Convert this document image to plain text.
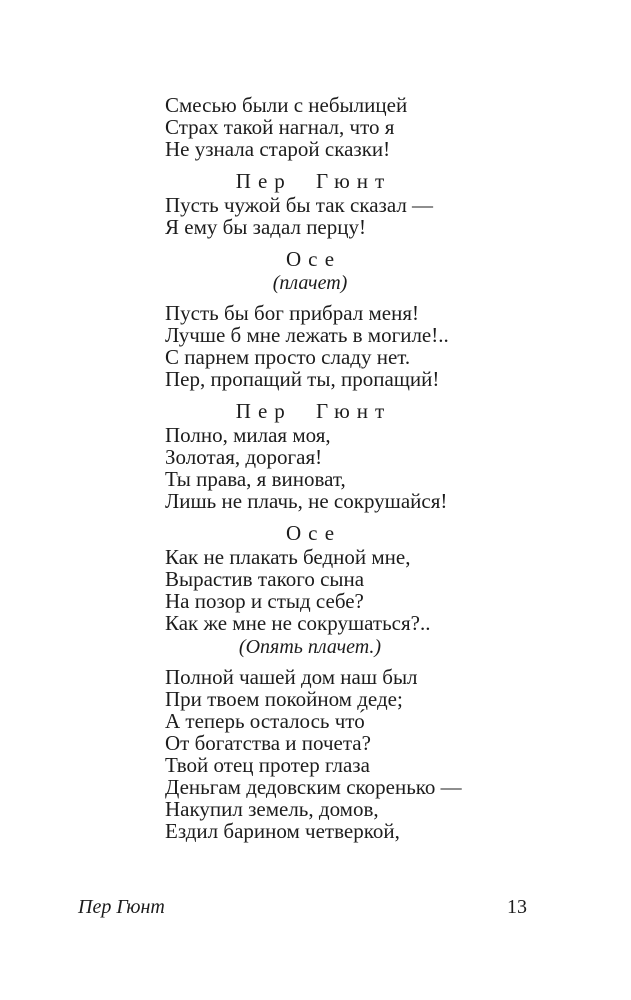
Смесью были с небылицей
Страх такой нагнал, что я
Не узнала старой сказки!
Пер Гюнт
Пусть чужой бы так сказал —
Я ему бы задал перцу!
Осе
(плачет)
Пусть бы бог прибрал меня!
Лучше б мне лежать в могиле!..
С парнем просто сладу нет.
Пер, пропащий ты, пропащий!
Пер Гюнт
Полно, милая моя,
Золотая, дорогая!
Ты права, я виноват,
Лишь не плачь, не сокрушайся!
Осе
Как не плакать бедной мне,
Вырастив такого сына
На позор и стыд себе?
Как же мне не сокрушаться?..
(Опять плачет.)
Полной чашей дом наш был
При твоем покойном деде;
А теперь осталось что́
От богатства и почета?
Твой отец протер глаза
Деньгам дедовским скоренько —
Накупил земель, домов,
Ездил барином четверкой,
Пер Гюнт	13
